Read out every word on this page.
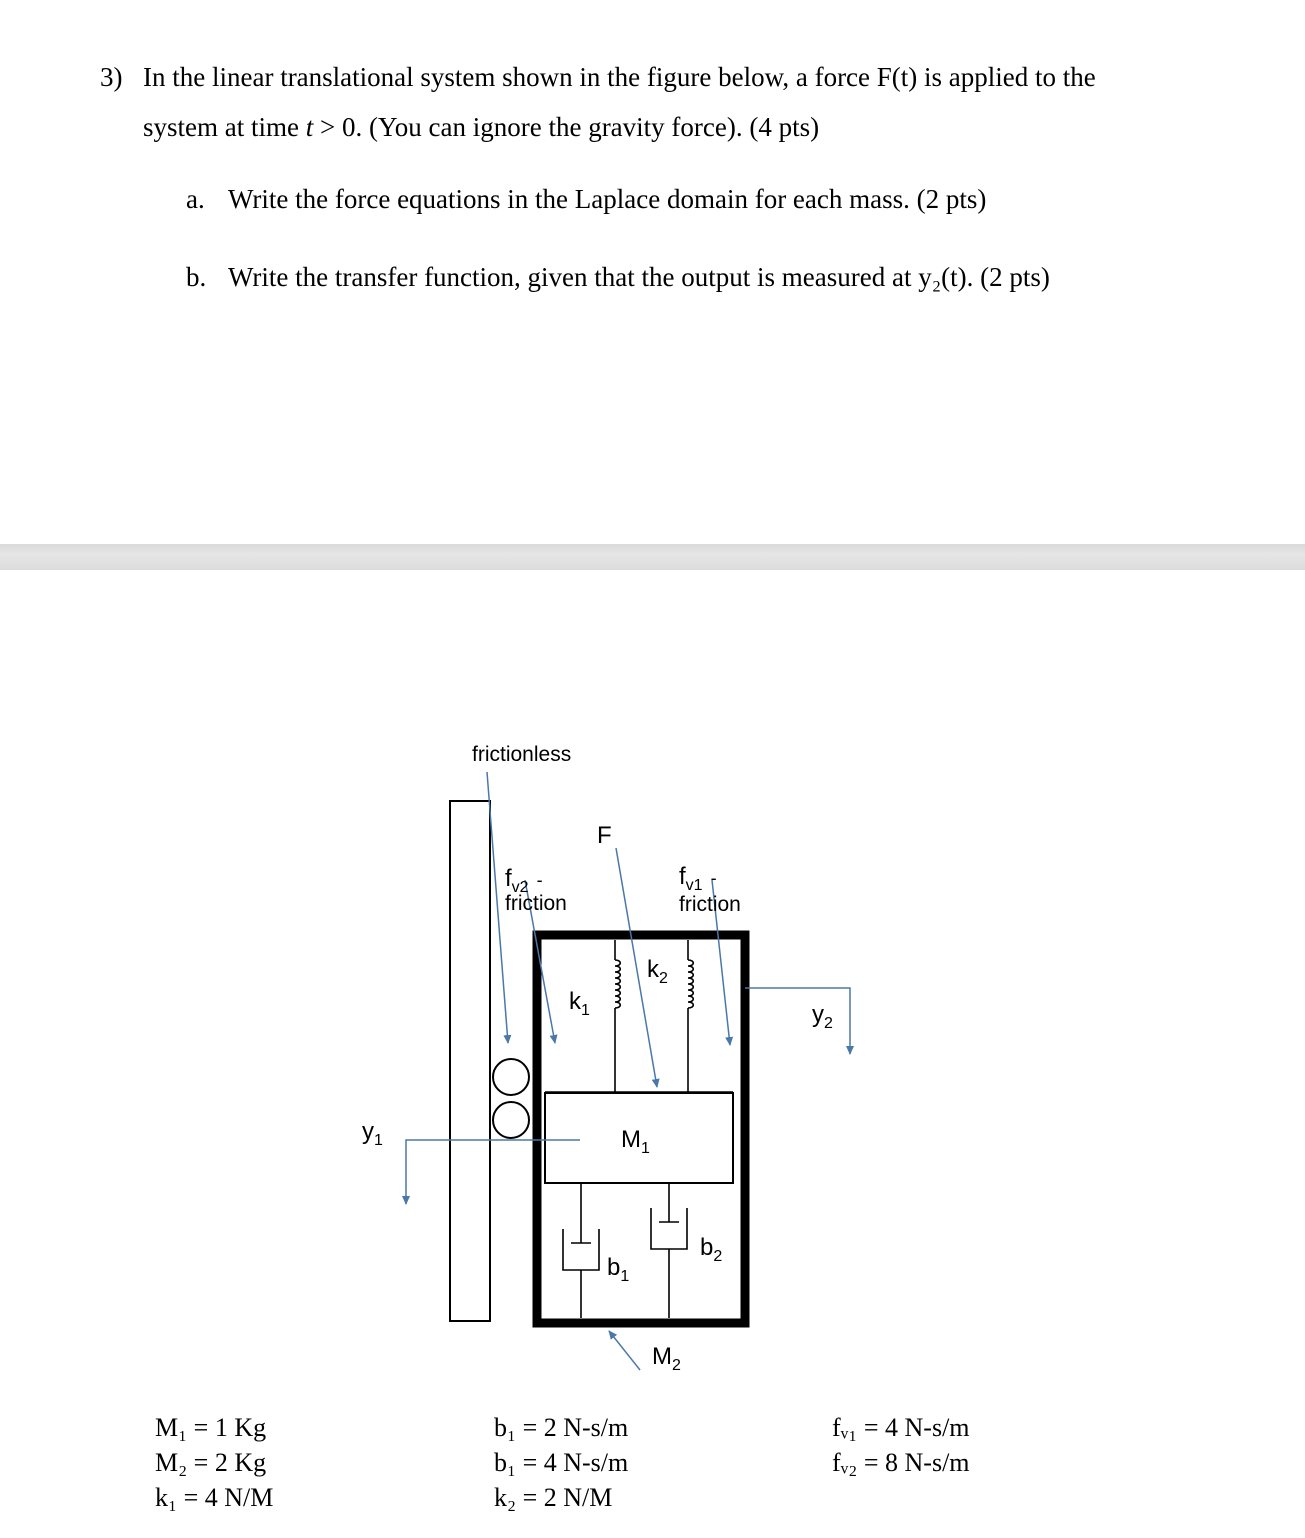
3) In the linear translational system shown in the figure below, a force F(t) is applied to the
system at time t > 0. (You can ignore the gravity force). (4 pts)
a. Write the force equations in the Laplace domain for each mass. (2 pts)
b. Write the transfer function, given that the output is measured at y₂(t). (2 pts)
frictionless
F
$f_{v2}$ -
friction
$f_{v1}$ -
friction
$k_1$
$k_2$
$M_1$
$M_2$
$b_1$
$b_2$
$y_1$
$y_2$
M₁ = 1 Kg
M₂ = 2 Kg
k₁ = 4 N/M
b₁ = 2 N-s/m
b₁ = 4 N-s/m
k₂ = 2 N/M
fᵥ₁ = 4 N-s/m
fᵥ₂ = 8 N-s/m
